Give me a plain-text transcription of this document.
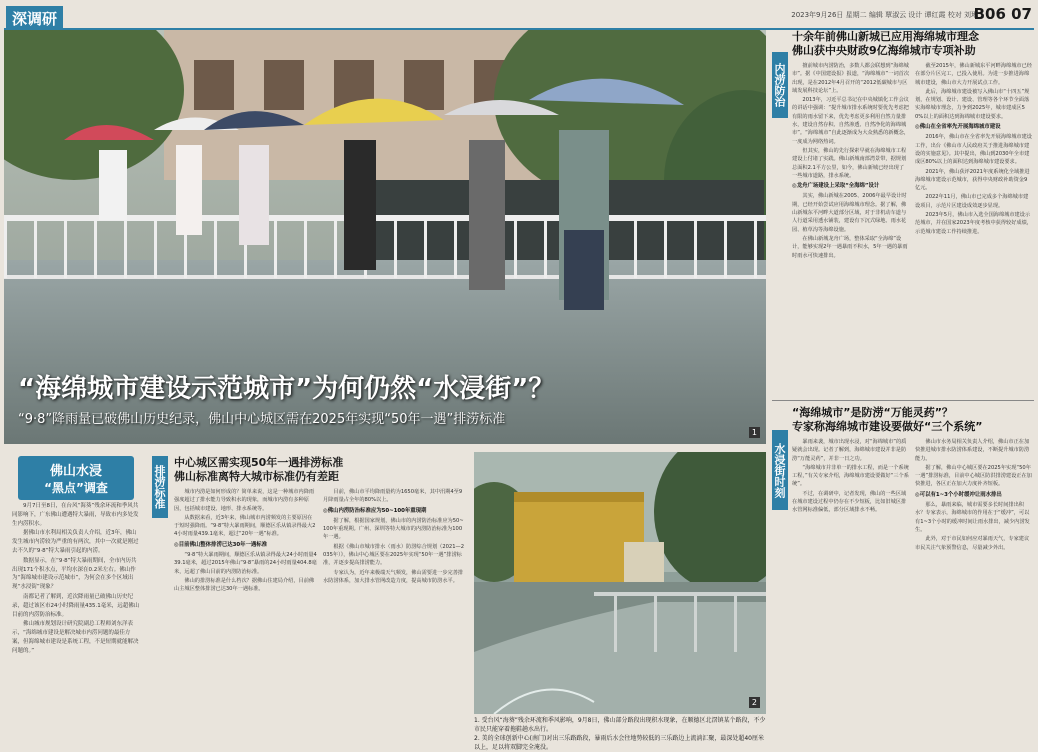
深调研	2023年9月26日 星期二 编辑 覃淑云 设计 谭红霞 校对 刘琳
B06 07
“海绵城市建设示范城市”为何仍然“水浸街”？
“9·8”降雨量已破佛山历史纪录，佛山中心城区需在2025年实现“50年一遇”排涝标准
1
内涝防治
十余年前佛山新城已应用海绵城市理念
佛山获中央财政9亿海绵城市专项补助

擅前城市内涝防治，多数人都会联想到“海绵城市”。据《中国建设报》报道，“海绵城市”一词首次出现，是在2012年4月召开的“2012低碳城市与区域发展科技论坛”上。

2013年，习近平总书记在中央城镇化工作会议的讲话中强调：“提升城市排水系统时要优先考虑把有限的雨水留下来，优先考虑更多利用自然力量排水，建设自然存积、自然渗透、自然净化的海绵城市”。“海绵城市”自此逐渐成为大众熟悉的新概念，一度成为网络热词。

但其实，佛山的先行探索早就在海绵城市工程建设上付诸了实践。佛山新城南部湾景带，据规划总面积2.1平方公里，如今，佛山新城已经出现了一些城市道路，排水系统。

◎龙舟广场建设上采取“全海绵”设计

其实，佛山新城在2005、2006年最早设计时期，已经开始尝试应用海绵城市理念。据了解，佛山新城东平河畔大道部分区域，对于非机动车道与人行道采用透水铺装，建设有下沉式绿地、雨水花园、植草沟等海绵设施。

在佛山新城龙舟广场，整体采取“全海绵”设计，能够实现2年一遇暴雨不积水，5年一遇的暴雨时雨水可快速排出。

截至2015年，佛山新城东平河畔海绵城市已经在部分片区完工，已投入使用。为进一步推进海绵城市建设，佛山市大力开展试点工作。

此后，海绵城市建设被写入佛山市“十四五”规划，在规划、设计、建设、管理等各个环节全面落实海绵城市理念，力争到2025年，城市建成区50%以上的面积达到海绵城市建设要求。

◎佛山在全省率先开展海绵城市建设

2016年，佛山市在全省率先开展海绵城市建设工作，出台《佛山市人民政府关于推进海绵城市建设的实施意见》。其中提出，佛山到2030年全市建成区80%以上的面积达到海绵城市建设要求。

2021年，佛山获评2021年度系统化全域推进海绵城市建设示范城市，获得中央财政补助资金9亿元。

2022年11月，佛山市已完成多个海绵城市建设项目，示范片区建设成效逐步显现。

2023年5月，佛山市入选全国海绵城市建设示范城市，并在国家2023年度考核中获得较好成绩，示范城市建设工作持续推进。

水浸街时刻
“海绵城市”是防涝“万能灵药”？
专家称海绵城市建设要做好“三个系统”

暴雨来袭，城市出现水浸，对“海绵城市”的质疑就会出现。记者了解到，海绵城市建设并非是防涝“万能灵药”，并非一日之功。

“海绵城市并非单一的排水工程，而是一个系统工程，”有关专家介绍，海绵城市建设要做好“三个系统”。

不过，在调研中，记者发现，佛山的一些区域在城市建设过程中仍存在不少短板，比如旧城区排水管网标准偏低，部分区域排水不畅。

佛山市水务局相关负责人介绍，佛山市正在加快推进城市排水防涝体系建设，不断提升城市防涝能力。

据了解，佛山中心城区要在2025年实现“50年一遇”排涝标准，目前中心城区防洪排涝建设正在加快推进，各区正在加大力度补齐短板。

◎可以有1~3个小时缓冲让雨水排出

那么，暴雨来临，城市需要多长时间排出积水？专家表示，海绵城市的作用在于“缓冲”，可以有1~3个小时的缓冲时间让雨水排出，减少内涝发生。

此外，对于市民如何应对暴雨天气，专家建议市民关注气象预警信息，尽量减少外出。

佛山水浸
“黑点”调查

9月7日至8日，在台风“海葵”残余环流和季风共同影响下，广东佛山遭遇特大暴雨，导致市内多处发生内涝积水。

据佛山市水利局相关负责人介绍，近3年，佛山发生城市内涝较为严重的有两次，其中一次就是刚过去不久的“9·8”特大暴雨引起的内涝。

数据显示，在“9·8”特大暴雨期间，全市内历共出现171个积水点，平均水深在0.2米左右。佛山作为“海绵城市建设示范城市”，为何会在多个区域出现“水浸街”现象？

南都记者了解到，近次降雨量已破佛山历史纪录，超过该区市24小时降雨量435.1毫米，远超佛山目前的内涝防治标准。

佛山城市规划设计研究院副总工程师刘东洋表示，“海绵城市建设是解决城市内涝问题的最佳方案，但海绵城市建设是系统工程，不是短期就能解决问题的。”

排涝标准
中心城区需实现50年一遇排涝标准
佛山标准离特大城市标准仍有差距

城市内涝是如何形成的？简单来说，这是一种城市内降雨强度超过了排水能力导致积水的现象，而城市内涝有多种原因，包括城市建设、地形、排水系统等。

从数据来看，近3年来，佛山城市内涝频发的主要原因在于短时强降雨。“9·8”特大暴雨期间，顺德区乐从镇录得最大24小时雨量439.1毫米，超过“20年一遇”标准。

◎目前佛山整体排涝已达30年一遇标准

“9·8”特大暴雨期间，顺德区乐从镇录得最大24小时雨量439.1毫米，超过2015年佛山“9·8”暴雨的24小时雨量404.8毫米，远超了佛山目前的内涝防治标准。

佛山的排涝标准是什么档次？据佛山住建局介绍，目前佛山主城区整体排涝已达30年一遇标准。

目前，佛山市平均降雨量约为1650毫米，其中汛期4至9月降雨量占全年的80%以上。

◎佛山内涝防治标准应为50~100年重现期

据了解，根据国家规划，佛山市的内涝防治标准应为50~100年重现期。广州、深圳等特大城市的内涝防治标准为100年一遇。

根据《佛山市城市排水（雨水）防涝综合规划（2021—2035年）》，佛山中心城区要在2025年实现“50年一遇”排涝标准，并逐步提高排涝能力。

专家认为，近年来极端天气频发，佛山需要进一步完善排水防涝体系，加大排水管网改造力度，提高城市防涝水平。

2
1. 受台风“海葵”残余环流和季风影响，9月8日，佛山部分路段出现积水现象，在顺德区北滘镇某个路段，不少市民只能穿着拖鞋趟水出行。
2. 美的全球创新中心(南门)对出三乐路路段，暴雨后水会往地势较低的三乐路边上流淌汇聚，最深处超40厘米以上，足以将双脚完全淹没。
